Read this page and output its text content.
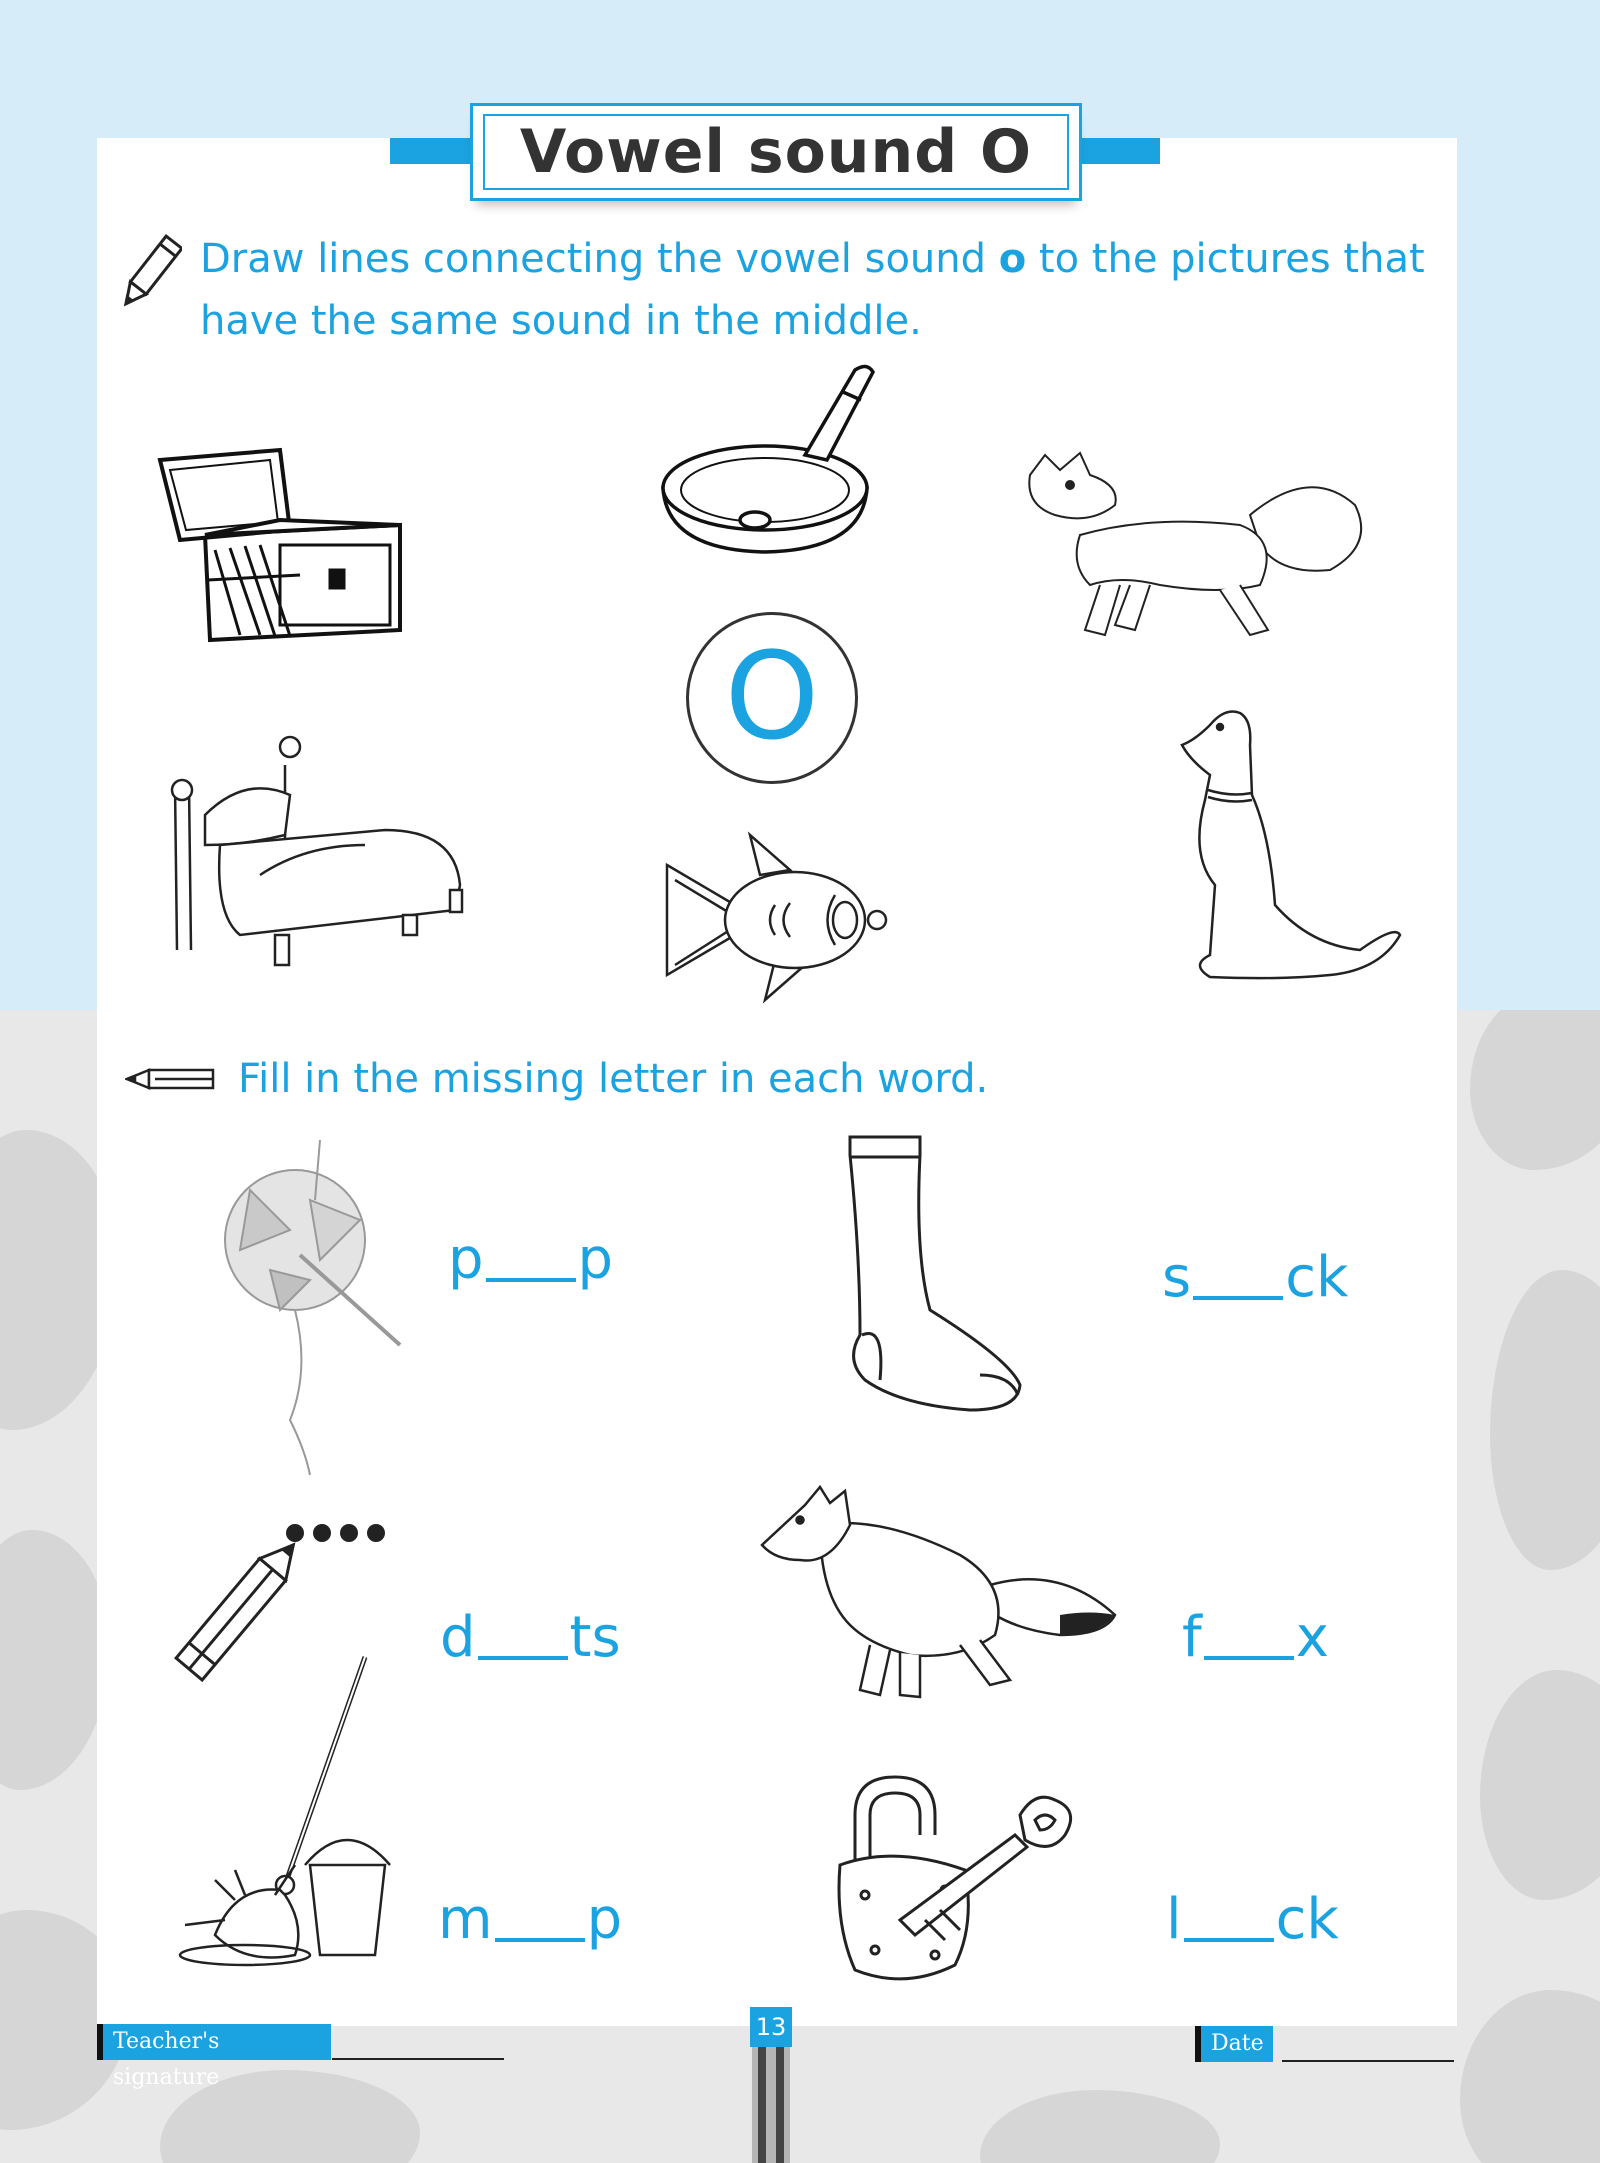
Vowel sound O
Draw lines connecting the vowel sound o to the pictures that have the same sound in the middle.
O
Fill in the missing letter in each word.
p p	s ck
d ts	f x
m p	l ck
Teacher's signature
13
Date
